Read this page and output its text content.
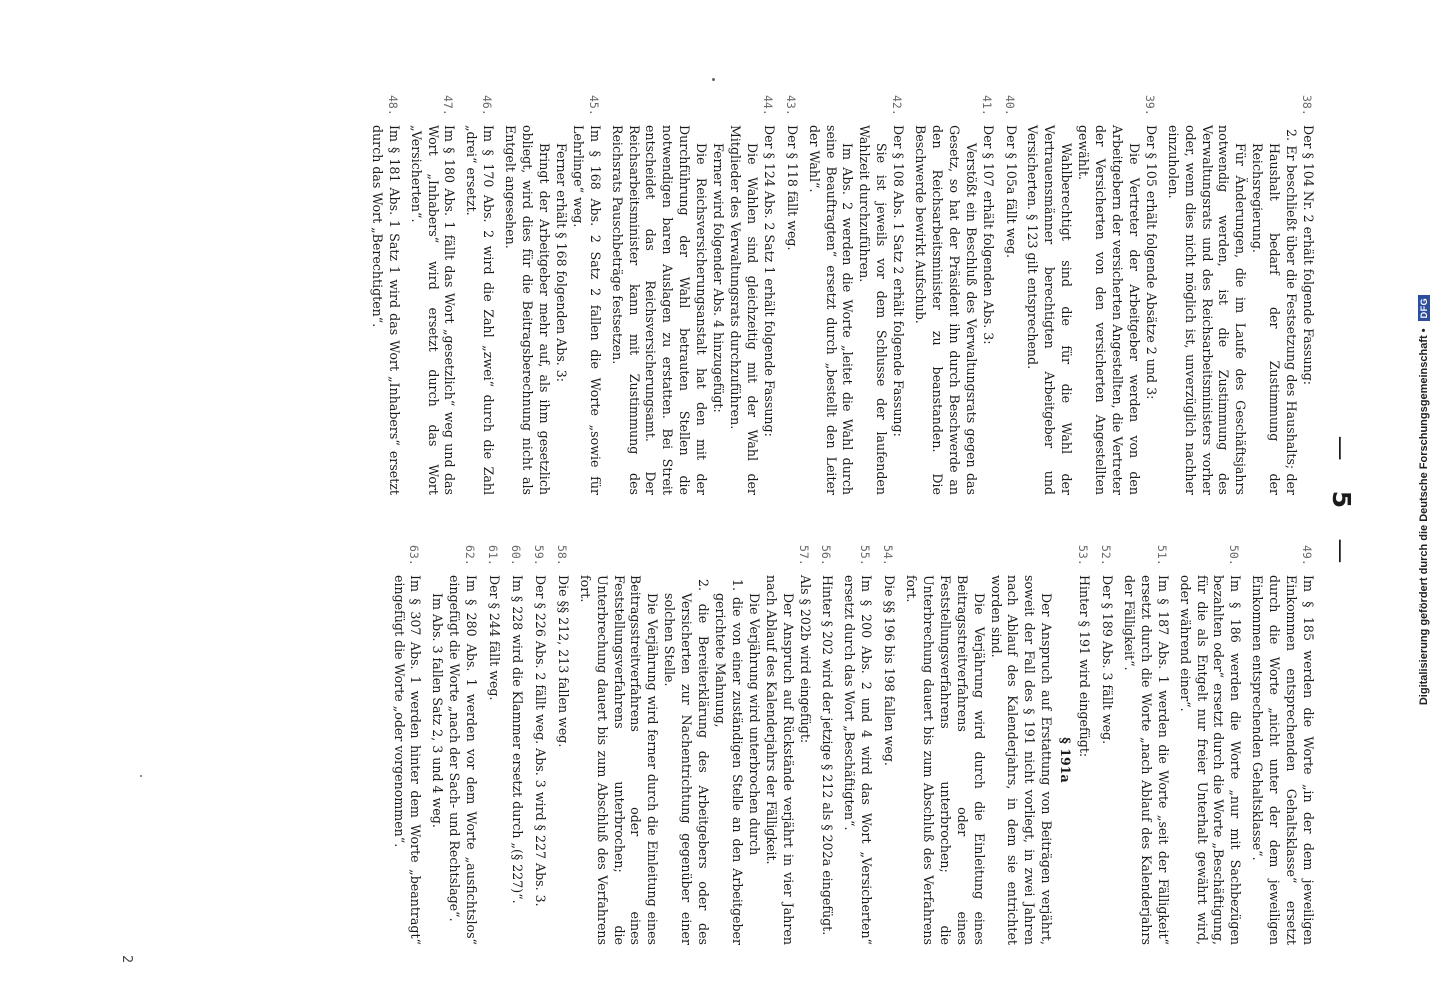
—   5   —
38.

Der § 104 Nr. 2 erhält folgende Fassung:

2. Er beschließt über die Festsetzung des Haushalts; der Haushalt bedarf der Zustimmung der Reichsregierung.

Für Änderungen, die im Laufe des Geschäftsjahrs notwendig werden, ist die Zustimmung des Verwaltungsrats und des Reichsarbeitsministers vorher oder, wenn dies nicht möglich ist, unverzüglich nachher einzuholen.

39.

Der § 105 erhält folgende Absätze 2 und 3:

Die Vertreter der Arbeitgeber werden von den Arbeitgebern der versicherten Angestellten, die Vertreter der Versicherten von den versicherten Angestellten gewählt.

Wahlberechtigt sind die für die Wahl der Vertrauensmänner berechtigten Arbeitgeber und Versicherten. § 123 gilt entsprechend.

40.

Der § 105a fällt weg.

41.

Der § 107 erhält folgenden Abs. 3:

Verstößt ein Beschluß des Verwaltungsrats gegen das Gesetz, so hat der Präsident ihn durch Beschwerde an den Reichsarbeitsminister zu beanstanden. Die Beschwerde bewirkt Aufschub.

42.

Der § 108 Abs. 1 Satz 2 erhält folgende Fassung:

Sie ist jeweils vor dem Schlusse der laufenden Wahlzeit durchzuführen.

Im Abs. 2 werden die Worte „leitet die Wahl durch seine Beauftragten“ ersetzt durch „bestellt den Leiter der Wahl“.

43.

Der § 118 fällt weg.

44.

Der § 124 Abs. 2 Satz 1 erhält folgende Fassung:

Die Wahlen sind gleichzeitig mit der Wahl der Mitglieder des Verwaltungsrats durchzuführen.

Ferner wird folgender Abs. 4 hinzugefügt:

Die Reichsversicherungsanstalt hat den mit der Durchführung der Wahl betrauten Stellen die notwendigen baren Auslagen zu erstatten. Bei Streit entscheidet das Reichsversicherungsamt. Der Reichsarbeitsminister kann mit Zustimmung des Reichsrats Pauschbeträge festsetzen.

45.

Im § 168 Abs. 2 Satz 2 fallen die Worte „sowie für Lehrlinge“ weg.

Ferner erhält § 168 folgenden Abs. 3:

Bringt der Arbeitgeber mehr auf, als ihm gesetzlich obliegt, wird dies für die Beitragsberechnung nicht als Entgelt angesehen.

46.

Im § 170 Abs. 2 wird die Zahl „zwei“ durch die Zahl „drei“ ersetzt.

47.

Im § 180 Abs. 1 fällt das Wort „gesetzlich“ weg und das Wort „Inhabers“ wird ersetzt durch das Wort „Versicherten“.

48.

Im § 181 Abs. 1 Satz 1 wird das Wort „Inhabers“ ersetzt durch das Wort „Berechtigten“.

49.

Im § 185 werden die Worte „in der dem jeweiligen Einkommen entsprechenden Gehaltsklasse“ ersetzt durch die Worte „nicht unter der dem jeweiligen Einkommen entsprechenden Gehaltsklasse“.

50.

Im § 186 werden die Worte „nur mit Sachbezügen bezahlten oder“ ersetzt durch die Worte „Beschäftigung, für die als Entgelt nur freier Unterhalt gewährt wird, oder während einer“.

51.

Im § 187 Abs. 1 werden die Worte „seit der Fälligkeit“ ersetzt durch die Worte „nach Ablauf des Kalenderjahrs der Fälligkeit“.

52.

Der § 189 Abs. 3 fällt weg.

53.

Hinter § 191 wird eingefügt:

§ 191a

Der Anspruch auf Erstattung von Beiträgen verjährt, soweit der Fall des § 191 nicht vorliegt, in zwei Jahren nach Ablauf des Kalenderjahrs, in dem sie entrichtet worden sind.

Die Verjährung wird durch die Einleitung eines Beitragsstreitverfahrens oder eines Feststellungsverfahrens unterbrochen; die Unterbrechung dauert bis zum Abschluß des Verfahrens fort.

54.

Die §§ 196 bis 198 fallen weg.

55.

Im § 200 Abs. 2 und 4 wird das Wort „Versicherten“ ersetzt durch das Wort „Beschäftigten“.

56.

Hinter § 202 wird der jetzige § 212 als § 202a eingefügt.

57.

Als § 202b wird eingefügt:

Der Anspruch auf Rückstände verjährt in vier Jahren nach Ablauf des Kalenderjahrs der Fälligkeit.

Die Verjährung wird unterbrochen durch

1. die von einer zuständigen Stelle an den Arbeitgeber gerichtete Mahnung,

2. die Bereiterklärung des Arbeitgebers oder des Versicherten zur Nachentrichtung gegenüber einer solchen Stelle.

Die Verjährung wird ferner durch die Einleitung eines Beitragsstreitverfahrens oder eines Feststellungsverfahrens unterbrochen; die Unterbrechung dauert bis zum Abschluß des Verfahrens fort.

58.

Die §§ 212, 213 fallen weg.

59.

Der § 226 Abs. 2 fällt weg. Abs. 3 wird § 227 Abs. 3.

60.

Im § 228 wird die Klammer ersetzt durch „(§ 227)“.

61.

Der § 244 fällt weg.

62.

Im § 280 Abs. 1 werden vor dem Worte „ausfichtslos“ eingefügt die Worte „nach der Sach- und Rechtslage“.

Im Abs. 3 fallen Satz 2, 3 und 4 weg.

63.

Im § 307 Abs. 1 werden hinter dem Worte „beantragt“ eingefügt die Worte „oder vorgenommen“.

2
Digitalisierung gefördert durch die Deutsche Forschungsgemeinschaft • DFG
